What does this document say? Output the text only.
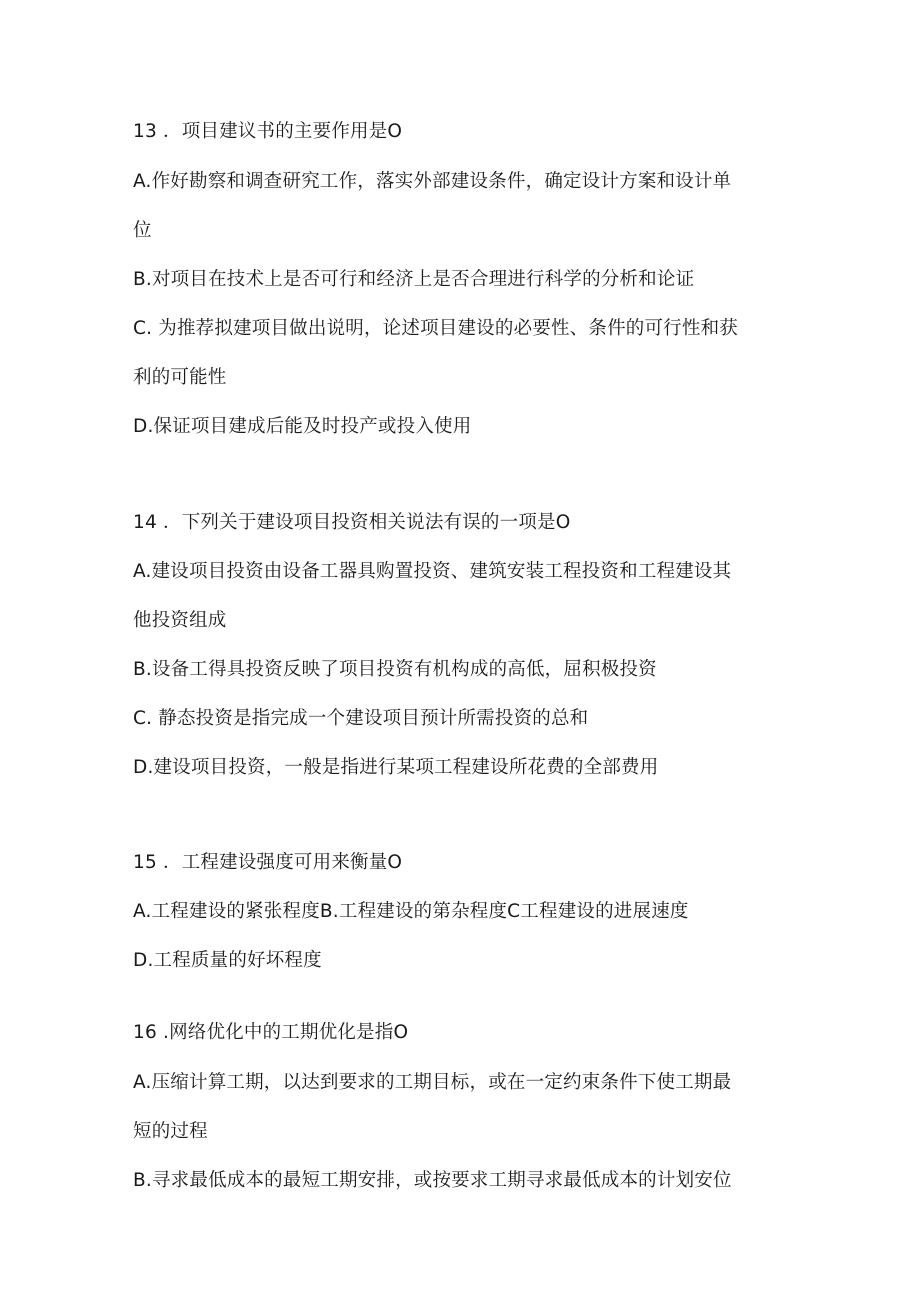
13 ．项目建议书的主要作用是O
A.作好勘察和调查研究工作，落实外部建设条件，确定设计方案和设计单
位
B.对项目在技术上是否可行和经济上是否合理进行科学的分析和论证
C. 为推荐拟建项目做出说明，论述项目建设的必要性、条件的可行性和获
利的可能性
D.保证项目建成后能及时投产或投入使用
14 ．下列关于建设项目投资相关说法有误的一项是O
A.建设项目投资由设备工器具购置投资、建筑安装工程投资和工程建设其
他投资组成
B.设备工得具投资反映了项目投资有机构成的高低，屈积极投资
C. 静态投资是指完成一个建设项目预计所需投资的总和
D.建设项目投资，一般是指进行某项工程建设所花费的全部费用
15 ．工程建设强度可用来衡量O
A.工程建设的紧张程度B.工程建设的第杂程度C工程建设的进展速度
D.工程质量的好坏程度
16 .网络优化中的工期优化是指O
A.压缩计算工期，以达到要求的工期目标，或在一定约束条件下使工期最
短的过程
B.寻求最低成本的最短工期安排，或按要求工期寻求最低成本的计划安位
